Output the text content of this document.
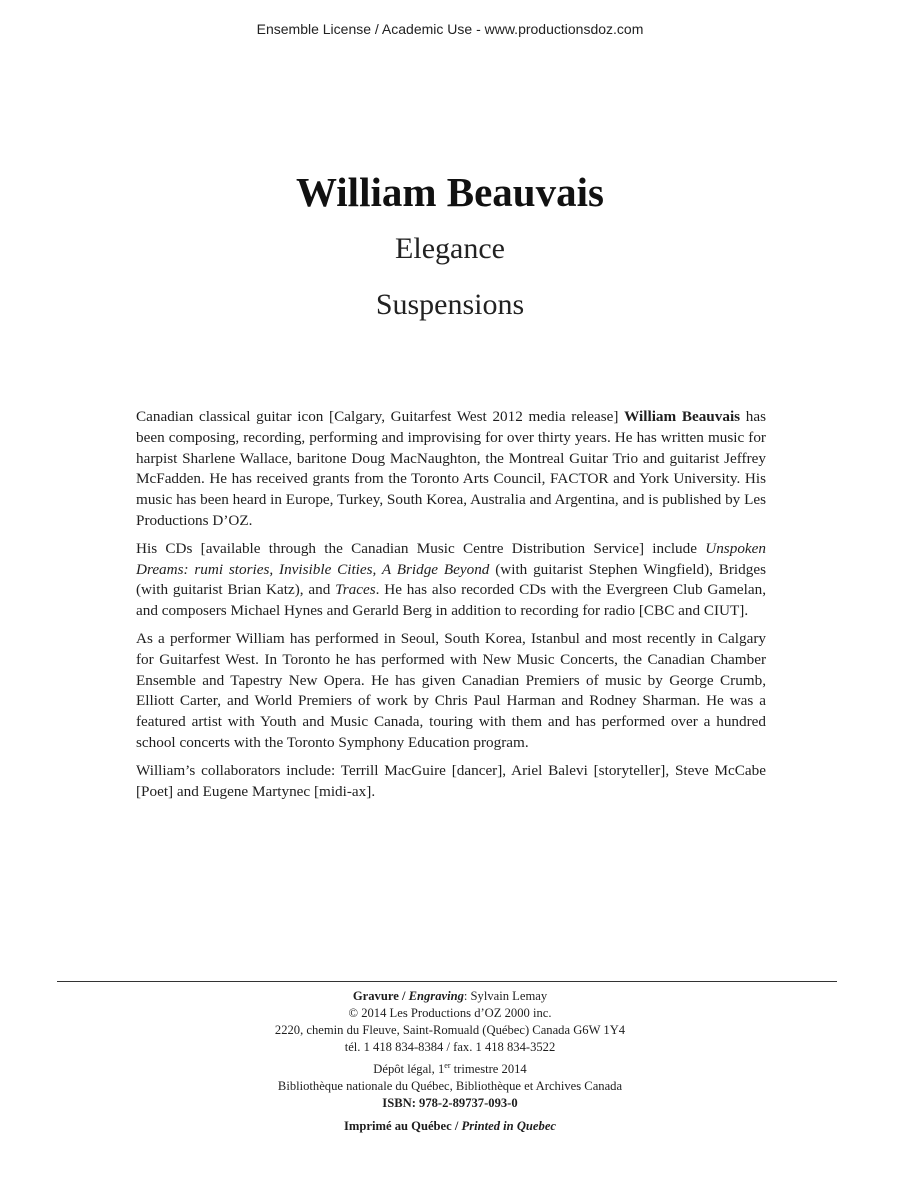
Ensemble License / Academic Use - www.productionsdoz.com
William Beauvais
Elegance
Suspensions

Canadian classical guitar icon [Calgary, Guitarfest West 2012 media release] William Beauvais has been composing, recording, performing and improvising for over thirty years. He has written music for harpist Sharlene Wallace, baritone Doug MacNaughton, the Montreal Guitar Trio and guitarist Jeffrey McFadden. He has received grants from the Toronto Arts Council, FACTOR and York University. His music has been heard in Europe, Turkey, South Korea, Australia and Argentina, and is published by Les Productions D’OZ.

His CDs [available through the Canadian Music Centre Distribution Service] include Unspoken Dreams: rumi stories, Invisible Cities, A Bridge Beyond (with guitarist Stephen Wingfield), Bridges (with guitarist Brian Katz), and Traces. He has also recorded CDs with the Evergreen Club Gamelan, and composers Michael Hynes and Gerarld Berg in addition to recording for radio [CBC and CIUT].

As a performer William has performed in Seoul, South Korea, Istanbul and most recently in Calgary for Guitarfest West. In Toronto he has performed with New Music Concerts, the Canadian Chamber Ensemble and Tapestry New Opera. He has given Canadian Premiers of music by George Crumb, Elliott Carter, and World Premiers of work by Chris Paul Harman and Rodney Sharman. He was a featured artist with Youth and Music Canada, touring with them and has performed over a hundred school concerts with the Toronto Symphony Education program.

William’s collaborators include: Terrill MacGuire [dancer], Ariel Balevi [storyteller], Steve McCabe [Poet] and Eugene Martynec [midi-ax].

Gravure / Engraving: Sylvain Lemay
© 2014 Les Productions d’OZ 2000 inc.
2220, chemin du Fleuve, Saint-Romuald (Québec) Canada G6W 1Y4
tél. 1 418 834-8384 / fax. 1 418 834-3522
Dépôt légal, 1er trimestre 2014
Bibliothèque nationale du Québec, Bibliothèque et Archives Canada
ISBN: 978-2-89737-093-0
Imprimé au Québec / Printed in Quebec
